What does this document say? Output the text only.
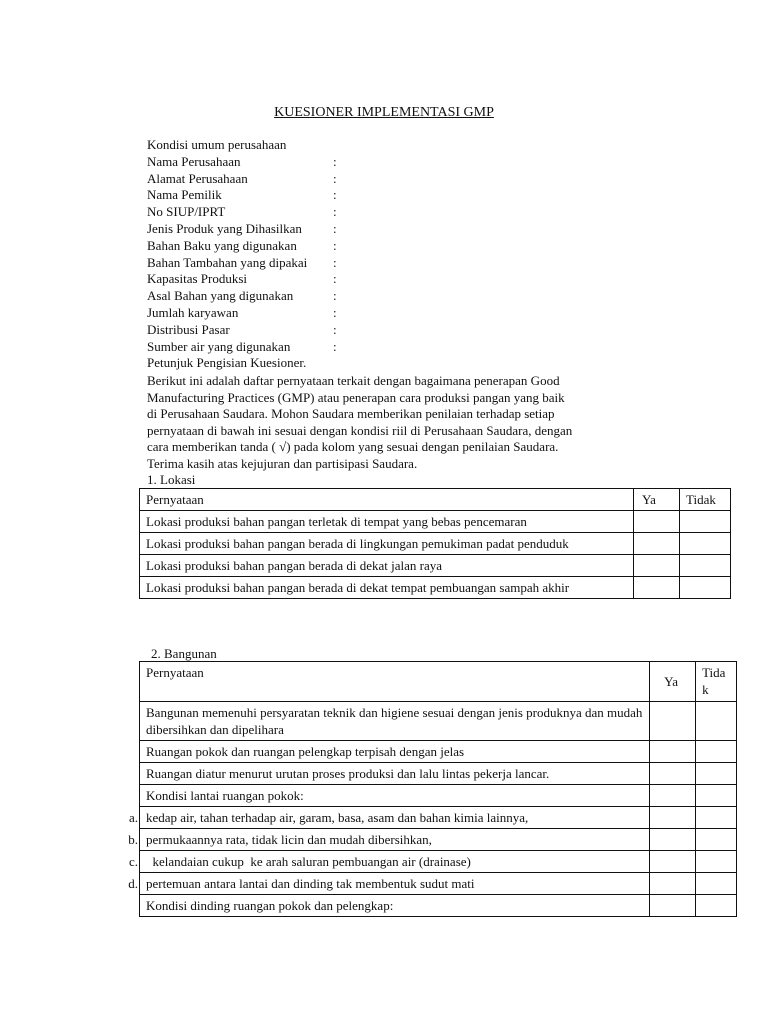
KUESIONER IMPLEMENTASI GMP
Kondisi umum perusahaan
Nama Perusahaan	:
Alamat Perusahaan	:
Nama Pemilik	:
No SIUP/IPRT	:
Jenis Produk yang Dihasilkan	:
Bahan Baku yang digunakan	:
Bahan Tambahan yang dipakai	:
Kapasitas Produksi	:
Asal Bahan yang digunakan	:
Jumlah karyawan	:
Distribusi Pasar	:
Sumber air yang digunakan	:
Petunjuk Pengisian Kuesioner.
Berikut ini adalah daftar pernyataan terkait dengan bagaimana penerapan Good
Manufacturing Practices (GMP) atau penerapan cara produksi pangan yang baik
di Perusahaan Saudara. Mohon Saudara memberikan penilaian terhadap setiap
pernyataan di bawah ini sesuai dengan kondisi riil di Perusahaan Saudara, dengan
cara memberikan tanda ( √) pada kolom yang sesuai dengan penilaian Saudara.
Terima kasih atas kejujuran dan partisipasi Saudara.
1. Lokasi
Pernyataan	Ya	Tidak
Lokasi produksi bahan pangan terletak di tempat yang bebas pencemaran		
Lokasi produksi bahan pangan berada di lingkungan pemukiman padat penduduk		
Lokasi produksi bahan pangan berada di dekat jalan raya		
Lokasi produksi bahan pangan berada di dekat tempat pembuangan sampah akhir		
2. Bangunan
Pernyataan	Ya	Tida k
Bangunan memenuhi persyaratan teknik dan higiene sesuai dengan jenis produknya dan mudah dibersihkan dan dipelihara		
Ruangan pokok dan ruangan pelengkap terpisah dengan jelas		
Ruangan diatur menurut urutan proses produksi dan lalu lintas pekerja lancar.		
Kondisi lantai ruangan pokok:		

a. kedap air, tahan terhadap air, garam, basa, asam dan bahan kimia lainnya,		

b. permukaannya rata, tidak licin dan mudah dibersihkan,		

c. kelandaian cukup  ke arah saluran pembuangan air (drainase)		

d. pertemuan antara lantai dan dinding tak membentuk sudut mati		

Kondisi dinding ruangan pokok dan pelengkap:		
